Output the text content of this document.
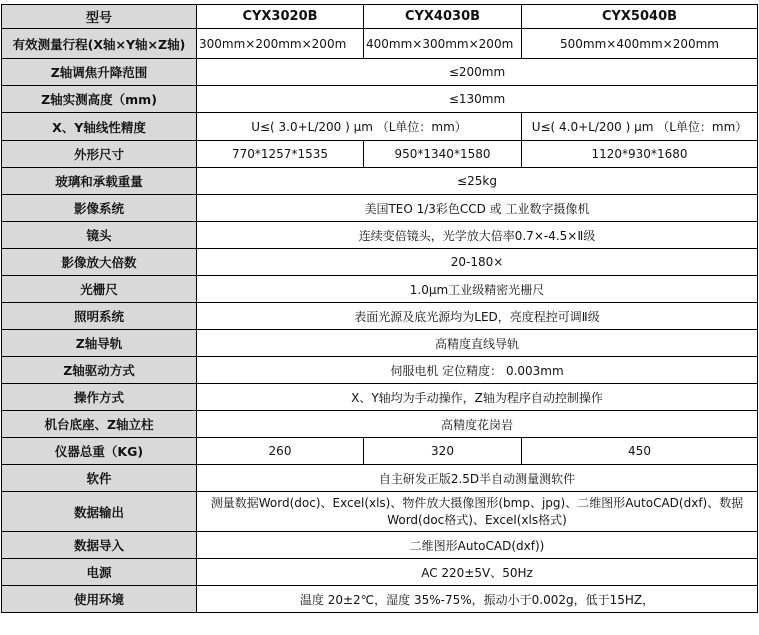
型号	CYX3020B	CYX4030B	CYX5040B
有效测量行程(X轴×Y轴×Z轴)	300mm×200mm×200m	400mm×300mm×200m	500mm×400mm×200mm
Z轴调焦升降范围	≤200mm		
Z轴实测高度（mm)	≤130mm		
X、Y轴线性精度	U≤( 3.0+L/200 ) μm （L单位：mm）		U≤( 4.0+L/200 ) μm （L单位：mm）
外形尺寸	770*1257*1535	950*1340*1580	1120*930*1680
玻璃和承载重量	≤25kg		
影像系统	美国TEO 1/3彩色CCD 或 工业数字摄像机		
镜头	连续变倍镜头，光学放大倍率0.7×-4.5×Ⅱ级		
影像放大倍数	20-180×		
光栅尺	1.0μm工业级精密光栅尺		
照明系统	表面光源及底光源均为LED，亮度程控可调Ⅱ级		
Z轴导轨	高精度直线导轨		
Z轴驱动方式	伺服电机 定位精度： 0.003mm		
操作方式	X、Y轴均为手动操作，Z轴为程序自动控制操作		
机台底座、Z轴立柱	高精度花岗岩		
仪器总重（KG)	260	320	450
软件	自主研发正版2.5D半自动测量测软件		
数据输出	测量数据Word(doc)、Excel(xls)、物件放大摄像图形(bmp、jpg)、二维图形AutoCAD(dxf)、数据Word(doc格式)、Excel(xls格式)		
数据导入	二维图形AutoCAD(dxf))		
电源	AC 220±5V、50Hz		
使用环境	温度 20±2℃，湿度 35%-75%，振动小于0.002g，低于15HZ，		
